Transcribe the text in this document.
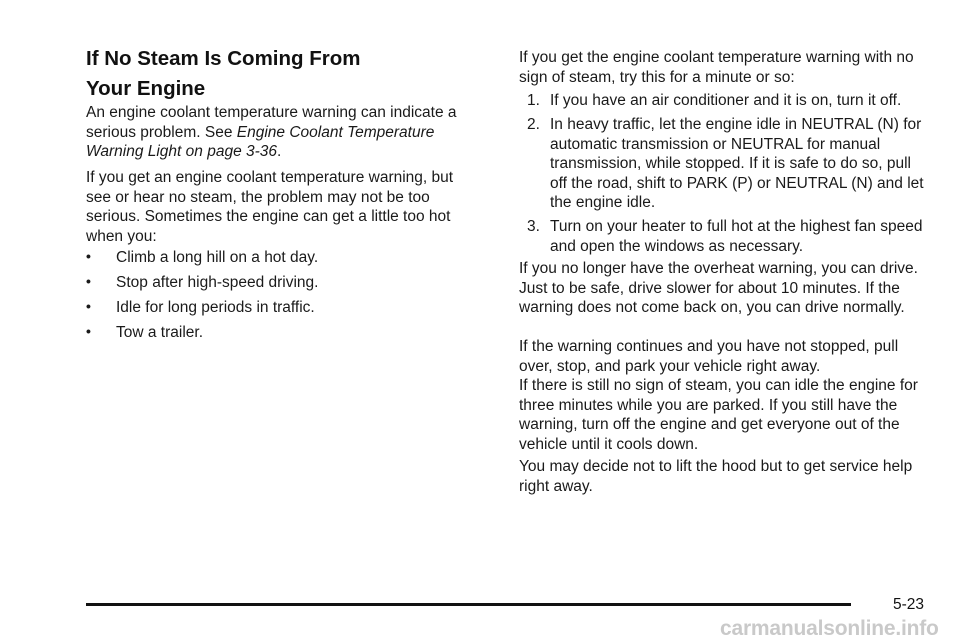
If No Steam Is Coming From
Your Engine

An engine coolant temperature warning can indicate a serious problem. See Engine Coolant Temperature Warning Light on page 3-36.

If you get an engine coolant temperature warning, but see or hear no steam, the problem may not be too serious. Sometimes the engine can get a little too hot when you:

• Climb a long hill on a hot day.
• Stop after high-speed driving.
• Idle for long periods in traffic.
• Tow a trailer.

If you get the engine coolant temperature warning with no sign of steam, try this for a minute or so:

1. If you have an air conditioner and it is on, turn it off.
2. In heavy traffic, let the engine idle in NEUTRAL (N) for automatic transmission or NEUTRAL for manual transmission, while stopped. If it is safe to do so, pull off the road, shift to PARK (P) or NEUTRAL (N) and let the engine idle.
3. Turn on your heater to full hot at the highest fan speed and open the windows as necessary.

If you no longer have the overheat warning, you can drive. Just to be safe, drive slower for about 10 minutes. If the warning does not come back on, you can drive normally.

If the warning continues and you have not stopped, pull over, stop, and park your vehicle right away.

If there is still no sign of steam, you can idle the engine for three minutes while you are parked. If you still have the warning, turn off the engine and get everyone out of the vehicle until it cools down.

You may decide not to lift the hood but to get service help right away.

5-23
carmanualsonline.info
